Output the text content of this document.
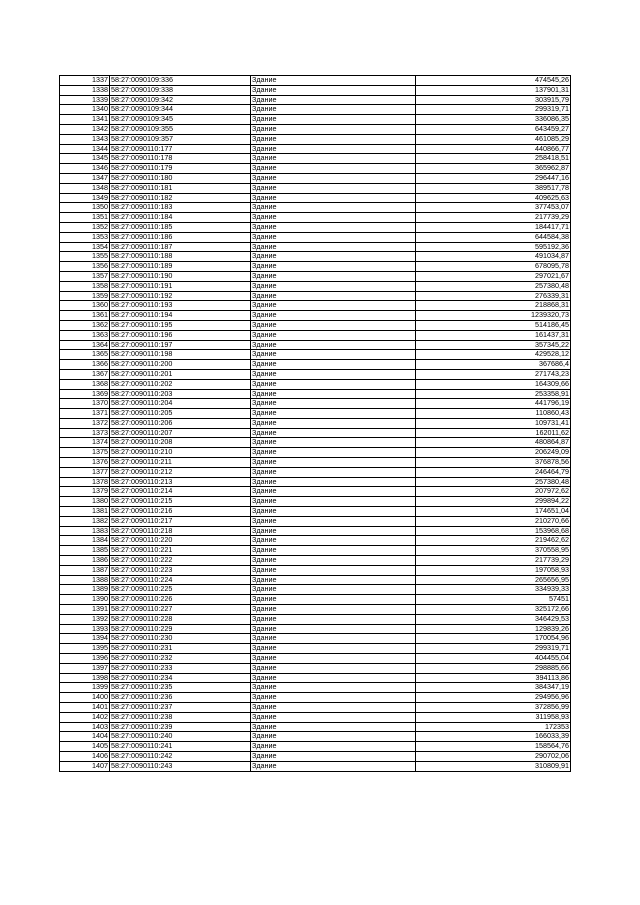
1337	58:27:0090109:336	Здание	474545,26
1338	58:27:0090109:338	Здание	137901,31
1339	58:27:0090109:342	Здание	303915,79
1340	58:27:0090109:344	Здание	299319,71
1341	58:27:0090109:345	Здание	336086,35
1342	58:27:0090109:355	Здание	643459,27
1343	58:27:0090109:357	Здание	461085,29
1344	58:27:0090110:177	Здание	440866,77
1345	58:27:0090110:178	Здание	258418,51
1346	58:27:0090110:179	Здание	365962,87
1347	58:27:0090110:180	Здание	296447,16
1348	58:27:0090110:181	Здание	389517,78
1349	58:27:0090110:182	Здание	409625,63
1350	58:27:0090110:183	Здание	377453,07
1351	58:27:0090110:184	Здание	217739,29
1352	58:27:0090110:185	Здание	184417,71
1353	58:27:0090110:186	Здание	644584,38
1354	58:27:0090110:187	Здание	595192,36
1355	58:27:0090110:188	Здание	491034,87
1356	58:27:0090110:189	Здание	678095,78
1357	58:27:0090110:190	Здание	297021,67
1358	58:27:0090110:191	Здание	257380,48
1359	58:27:0090110:192	Здание	276339,31
1360	58:27:0090110:193	Здание	218868,31
1361	58:27:0090110:194	Здание	1239320,73
1362	58:27:0090110:195	Здание	514186,45
1363	58:27:0090110:196	Здание	161437,31
1364	58:27:0090110:197	Здание	357345,22
1365	58:27:0090110:198	Здание	429528,12
1366	58:27:0090110:200	Здание	367686,4
1367	58:27:0090110:201	Здание	271743,23
1368	58:27:0090110:202	Здание	164309,66
1369	58:27:0090110:203	Здание	253358,91
1370	58:27:0090110:204	Здание	441796,19
1371	58:27:0090110:205	Здание	110860,43
1372	58:27:0090110:206	Здание	109731,41
1373	58:27:0090110:207	Здание	162011,62
1374	58:27:0090110:208	Здание	480864,87
1375	58:27:0090110:210	Здание	206249,09
1376	58:27:0090110:211	Здание	376878,56
1377	58:27:0090110:212	Здание	246464,79
1378	58:27:0090110:213	Здание	257380,48
1379	58:27:0090110:214	Здание	207972,62
1380	58:27:0090110:215	Здание	299894,22
1381	58:27:0090110:216	Здание	174651,04
1382	58:27:0090110:217	Здание	210270,66
1383	58:27:0090110:218	Здание	153968,68
1384	58:27:0090110:220	Здание	219462,62
1385	58:27:0090110:221	Здание	370558,95
1386	58:27:0090110:222	Здание	217739,29
1387	58:27:0090110:223	Здание	197058,93
1388	58:27:0090110:224	Здание	265656,95
1389	58:27:0090110:225	Здание	334939,33
1390	58:27:0090110:226	Здание	57451
1391	58:27:0090110:227	Здание	325172,66
1392	58:27:0090110:228	Здание	346429,53
1393	58:27:0090110:229	Здание	129839,26
1394	58:27:0090110:230	Здание	170054,96
1395	58:27:0090110:231	Здание	299319,71
1396	58:27:0090110:232	Здание	404455,04
1397	58:27:0090110:233	Здание	298885,66
1398	58:27:0090110:234	Здание	394113,86
1399	58:27:0090110:235	Здание	384347,19
1400	58:27:0090110:236	Здание	294956,96
1401	58:27:0090110:237	Здание	372856,99
1402	58:27:0090110:238	Здание	311958,93
1403	58:27:0090110:239	Здание	172353
1404	58:27:0090110:240	Здание	166033,39
1405	58:27:0090110:241	Здание	158564,76
1406	58:27:0090110:242	Здание	290702,06
1407	58:27:0090110:243	Здание	310809,91
